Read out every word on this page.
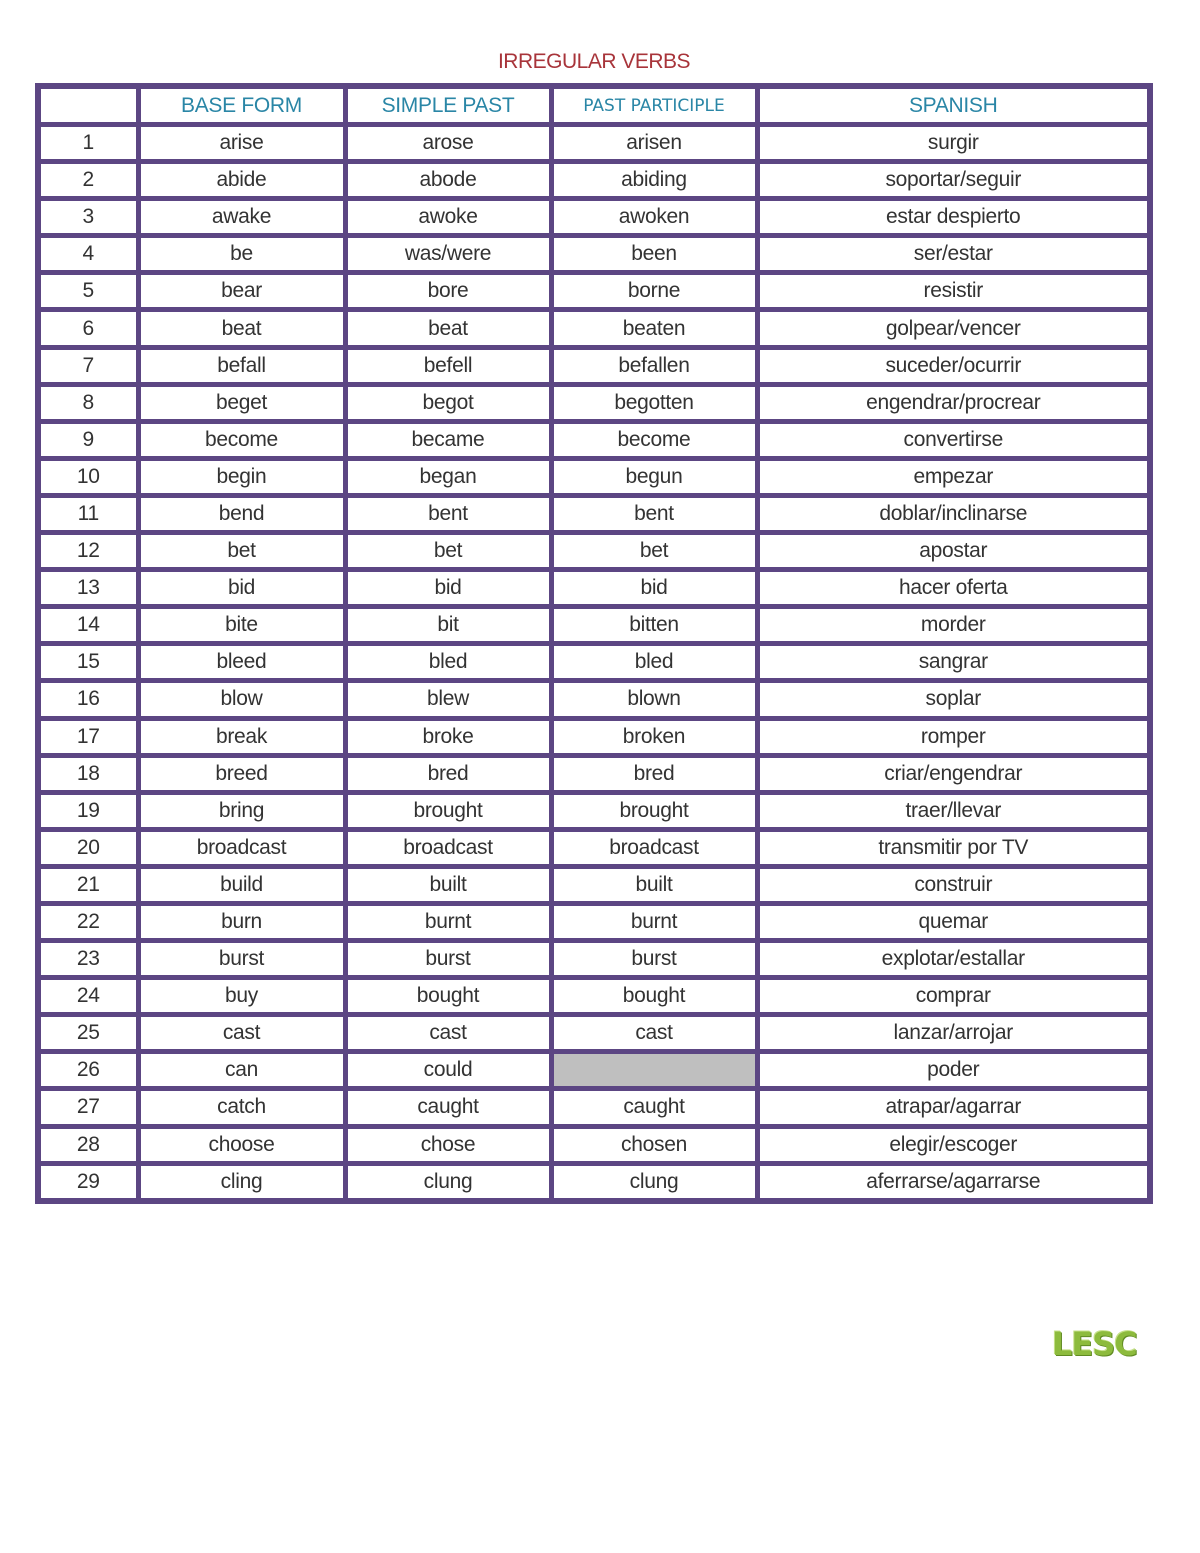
IRREGULAR VERBS
	BASE FORM	SIMPLE PAST	PAST PARTICIPLE	SPANISH
1	arise	arose	arisen	surgir
2	abide	abode	abiding	soportar/seguir
3	awake	awoke	awoken	estar despierto
4	be	was/were	been	ser/estar
5	bear	bore	borne	resistir
6	beat	beat	beaten	golpear/vencer
7	befall	befell	befallen	suceder/ocurrir
8	beget	begot	begotten	engendrar/procrear
9	become	became	become	convertirse
10	begin	began	begun	empezar
11	bend	bent	bent	doblar/inclinarse
12	bet	bet	bet	apostar
13	bid	bid	bid	hacer oferta
14	bite	bit	bitten	morder
15	bleed	bled	bled	sangrar
16	blow	blew	blown	soplar
17	break	broke	broken	romper
18	breed	bred	bred	criar/engendrar
19	bring	brought	brought	traer/llevar
20	broadcast	broadcast	broadcast	transmitir por TV
21	build	built	built	construir
22	burn	burnt	burnt	quemar
23	burst	burst	burst	explotar/estallar
24	buy	bought	bought	comprar
25	cast	cast	cast	lanzar/arrojar
26	can	could		poder
27	catch	caught	caught	atrapar/agarrar
28	choose	chose	chosen	elegir/escoger
29	cling	clung	clung	aferrarse/agarrarse
LESC
